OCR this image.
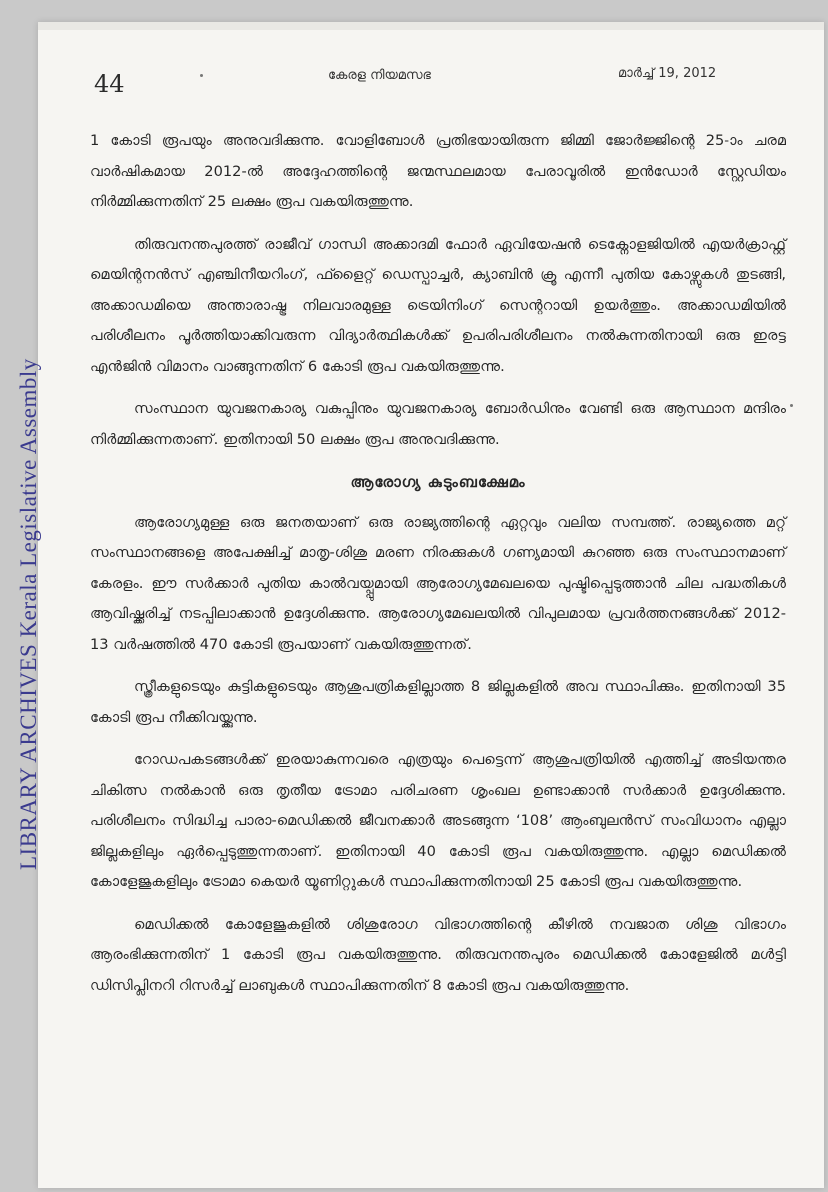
44	കേരള നിയമസഭ	മാർച്ച് 19, 2012

1 കോടി രൂപയും അനുവദിക്കുന്നു. വോളിബോൾ പ്രതിഭയായിരുന്ന ജിമ്മി ജോർജ്ജിന്റെ 25-ാം ചരമ വാർഷികമായ 2012-ൽ അദ്ദേഹത്തിന്റെ ജന്മസ്ഥലമായ പേരാവൂരിൽ ഇൻഡോർ സ്റ്റേഡിയം നിർമ്മിക്കുന്നതിന് 25 ലക്ഷം രൂപ വകയിരുത്തുന്നു.

തിരുവനന്തപുരത്ത് രാജീവ് ഗാന്ധി അക്കാദമി ഫോർ ഏവിയേഷൻ ടെക്നോളജിയിൽ എയർക്രാഫ്റ്റ് മെയിന്റനൻസ് എഞ്ചിനീയറിംഗ്, ഫ്ളൈറ്റ് ഡെസ്പാച്ചർ, ക്യാബിൻ ക്രൂ എന്നീ പുതിയ കോഴ്സുകൾ തുടങ്ങി, അക്കാഡമിയെ അന്താരാഷ്ട്ര നിലവാരമുള്ള ട്രെയിനിംഗ് സെന്ററായി ഉയർത്തും. അക്കാഡമിയിൽ പരിശീലനം പൂർത്തിയാക്കിവരുന്ന വിദ്യാർത്ഥികൾക്ക് ഉപരിപരിശീലനം നൽകുന്നതിനായി ഒരു ഇരട്ട എൻജിൻ വിമാനം വാങ്ങുന്നതിന് 6 കോടി രൂപ വകയിരുത്തുന്നു.

സംസ്ഥാന യുവജനകാര്യ വകുപ്പിനും യുവജനകാര്യ ബോർഡിനും വേണ്ടി ഒരു ആസ്ഥാന മന്ദിരം നിർമ്മിക്കുന്നതാണ്. ഇതിനായി 50 ലക്ഷം രൂപ അനുവദിക്കുന്നു.

ആരോഗ്യ കുടുംബക്ഷേമം

ആരോഗ്യമുള്ള ഒരു ജനതയാണ് ഒരു രാജ്യത്തിന്റെ ഏറ്റവും വലിയ സമ്പത്ത്. രാജ്യത്തെ മറ്റ് സംസ്ഥാനങ്ങളെ അപേക്ഷിച്ച് മാതൃ-ശിശു മരണ നിരക്കുകൾ ഗണ്യമായി കുറഞ്ഞ ഒരു സംസ്ഥാനമാണ് കേരളം. ഈ സർക്കാർ പുതിയ കാൽവയ്പ്പുമായി ആരോഗ്യമേഖലയെ പുഷ്ടിപ്പെടുത്താൻ ചില പദ്ധതികൾ ആവിഷ്ക്കരിച്ച് നടപ്പിലാക്കാൻ ഉദ്ദേശിക്കുന്നു. ആരോഗ്യമേഖലയിൽ വിപുലമായ പ്രവർത്തനങ്ങൾക്ക് 2012-13 വർഷത്തിൽ 470 കോടി രൂപയാണ് വകയിരുത്തുന്നത്.

സ്ത്രീകളുടെയും കുട്ടികളുടെയും ആശുപത്രികളില്ലാത്ത 8 ജില്ലകളിൽ അവ സ്ഥാപിക്കും. ഇതിനായി 35 കോടി രൂപ നീക്കിവയ്ക്കുന്നു.

റോഡപകടങ്ങൾക്ക് ഇരയാകുന്നവരെ എത്രയും പെട്ടെന്ന് ആശുപത്രിയിൽ എത്തിച്ച് അടിയന്തര ചികിത്സ നൽകാൻ ഒരു തൃതീയ ട്രോമാ പരിചരണ ശൃംഖല ഉണ്ടാക്കാൻ സർക്കാർ ഉദ്ദേശിക്കുന്നു. പരിശീലനം സിദ്ധിച്ച പാരാ-മെഡിക്കൽ ജീവനക്കാർ അടങ്ങുന്ന ‘108’ ആംബുലൻസ് സംവിധാനം എല്ലാ ജില്ലകളിലും ഏർപ്പെടുത്തുന്നതാണ്. ഇതിനായി 40 കോടി രൂപ വകയിരുത്തുന്നു. എല്ലാ മെഡിക്കൽ കോളേജുകളിലും ട്രോമാ കെയർ യൂണിറ്റുകൾ സ്ഥാപിക്കുന്നതിനായി 25 കോടി രൂപ വകയിരുത്തുന്നു.

മെഡിക്കൽ കോളേജുകളിൽ ശിശുരോഗ വിഭാഗത്തിന്റെ കീഴിൽ നവജാത ശിശു വിഭാഗം ആരംഭിക്കുന്നതിന് 1 കോടി രൂപ വകയിരുത്തുന്നു. തിരുവനന്തപുരം മെഡിക്കൽ കോളേജിൽ മൾട്ടി ഡിസിപ്ലിനറി റിസർച്ച് ലാബുകൾ സ്ഥാപിക്കുന്നതിന് 8 കോടി രൂപ വകയിരുത്തുന്നു.

LIBRARY ARCHIVES Kerala Legislative Assembly
